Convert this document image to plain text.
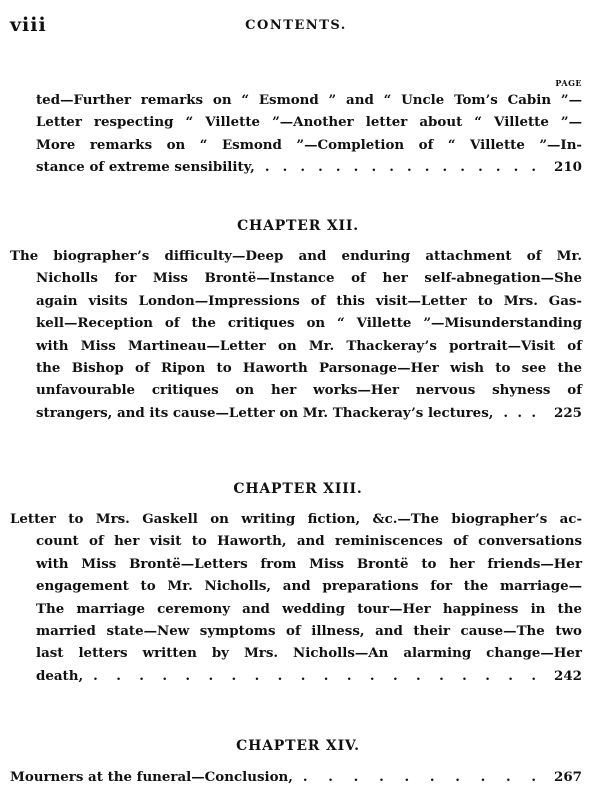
viii	CONTENTS.
PAGE
ted—Further remarks on “ Esmond ” and “ Uncle Tom’s Cabin ”—
Letter respecting “ Villette ”—Another letter about “ Villette ”—
More remarks on “ Esmond ”—Completion of “ Villette ”—In-
stance of extreme sensibility, . . . . . . . . . . . . . . . .	210
CHAPTER XII.
The biographer’s difficulty—Deep and enduring attachment of Mr.
Nicholls for Miss Brontë—Instance of her self-abnegation—She
again visits London—Impressions of this visit—Letter to Mrs. Gas-
kell—Reception of the critiques on “ Villette ”—Misunderstanding
with Miss Martineau—Letter on Mr. Thackeray’s portrait—Visit of
the Bishop of Ripon to Haworth Parsonage—Her wish to see the
unfavourable critiques on her works—Her nervous shyness of
strangers, and its cause—Letter on Mr. Thackeray’s lectures, . . .	225
CHAPTER XIII.
Letter to Mrs. Gaskell on writing fiction, &c.—The biographer’s ac-
count of her visit to Haworth, and reminiscences of conversations
with Miss Brontë—Letters from Miss Brontë to her friends—Her
engagement to Mr. Nicholls, and preparations for the marriage—
The marriage ceremony and wedding tour—Her happiness in the
married state—New symptoms of illness, and their cause—The two
last letters written by Mrs. Nicholls—An alarming change—Her
death, . . . . . . . . . . . . . . . . . . . .	242
CHAPTER XIV.
Mourners at the funeral—Conclusion, . . . . . . . . . .	267
